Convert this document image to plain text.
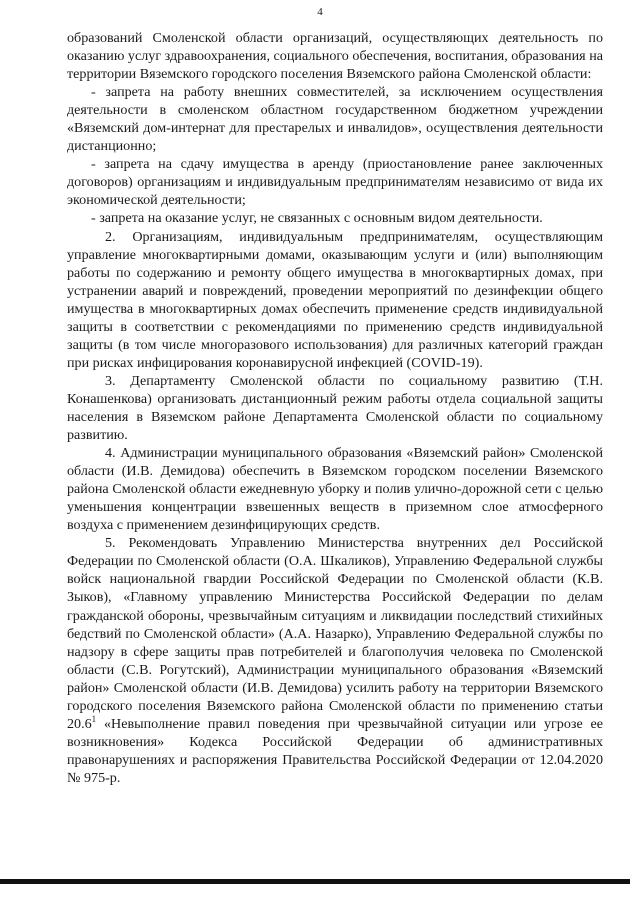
4

образований Смоленской области организаций, осуществляющих деятельность по оказанию услуг здравоохранения, социального обеспечения, воспитания, образования на территории Вяземского городского поселения Вяземского района Смоленской области:

- запрета на работу внешних совместителей, за исключением осуществления деятельности в смоленском областном государственном бюджетном учреждении «Вяземский дом-интернат для престарелых и инвалидов», осуществления деятельности дистанционно;

- запрета на сдачу имущества в аренду (приостановление ранее заключенных договоров) организациям и индивидуальным предпринимателям независимо от вида их экономической деятельности;

- запрета на оказание услуг, не связанных с основным видом деятельности.

2. Организациям, индивидуальным предпринимателям, осуществляющим управление многоквартирными домами, оказывающим услуги и (или) выполняющим работы по содержанию и ремонту общего имущества в многоквартирных домах, при устранении аварий и повреждений, проведении мероприятий по дезинфекции общего имущества в многоквартирных домах обеспечить применение средств индивидуальной защиты в соответствии с рекомендациями по применению средств индивидуальной защиты (в том числе многоразового использования) для различных категорий граждан при рисках инфицирования коронавирусной инфекцией (COVID-19).

3. Департаменту Смоленской области по социальному развитию (Т.Н. Конашенкова) организовать дистанционный режим работы отдела социальной защиты населения в Вяземском районе Департамента Смоленской области по социальному развитию.

4. Администрации муниципального образования «Вяземский район» Смоленской области (И.В. Демидова) обеспечить в Вяземском городском поселении Вяземского района Смоленской области ежедневную уборку и полив улично-дорожной сети с целью уменьшения концентрации взвешенных веществ в приземном слое атмосферного воздуха с применением дезинфицирующих средств.

5. Рекомендовать Управлению Министерства внутренних дел Российской Федерации по Смоленской области (О.А. Шкаликов), Управлению Федеральной службы войск национальной гвардии Российской Федерации по Смоленской области (К.В. Зыков), «Главному управлению Министерства Российской Федерации по делам гражданской обороны, чрезвычайным ситуациям и ликвидации последствий стихийных бедствий по Смоленской области» (А.А. Назарко), Управлению Федеральной службы по надзору в сфере защиты прав потребителей и благополучия человека по Смоленской области (С.В. Рогутский), Администрации муниципального образования «Вяземский район» Смоленской области (И.В. Демидова) усилить работу на территории Вяземского городского поселения Вяземского района Смоленской области по применению статьи 20.6$^1$ «Невыполнение правил поведения при чрезвычайной ситуации или угрозе ее возникновения» Кодекса Российской Федерации об административных правонарушениях и распоряжения Правительства Российской Федерации от 12.04.2020 № 975-р.
